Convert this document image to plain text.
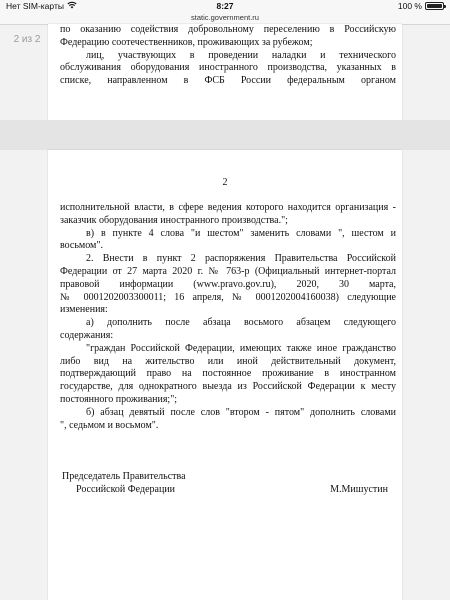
Нет SIM-карты	8:27	100 %
static.government.ru
по оказанию содействия добровольному переселению в Российскую
Федерацию соотечественников, проживающих за рубежом;
лиц, участвующих в проведении наладки и технического
обслуживания оборудования иностранного производства, указанных в
списке, направленном в ФСБ России федеральным органом
2 из 2
2
исполнительной власти, в сфере ведения которого находится организация -
заказчик оборудования иностранного производства.";
в) в пункте 4 слова "и шестом" заменить словами ", шестом и
восьмом".
2. Внести в пункт 2 распоряжения Правительства Российской
Федерации от 27 марта 2020 г. № 763-р (Официальный интернет-портал
правовой информации (www.pravo.gov.ru), 2020, 30 марта,
№ 0001202003300011; 16 апреля, № 0001202004160038) следующие
изменения:
а) дополнить после абзаца восьмого абзацем следующего
содержания:
"граждан Российской Федерации, имеющих также иное гражданство
либо вид на жительство или иной действительный документ,
подтверждающий право на постоянное проживание в иностранном
государстве, для однократного выезда из Российской Федерации к месту
постоянного проживания;";
б) абзац девятый после слов "втором - пятом" дополнить словами
", седьмом и восьмом".
Председатель Правительства
Российской Федерации	М.Мишустин
